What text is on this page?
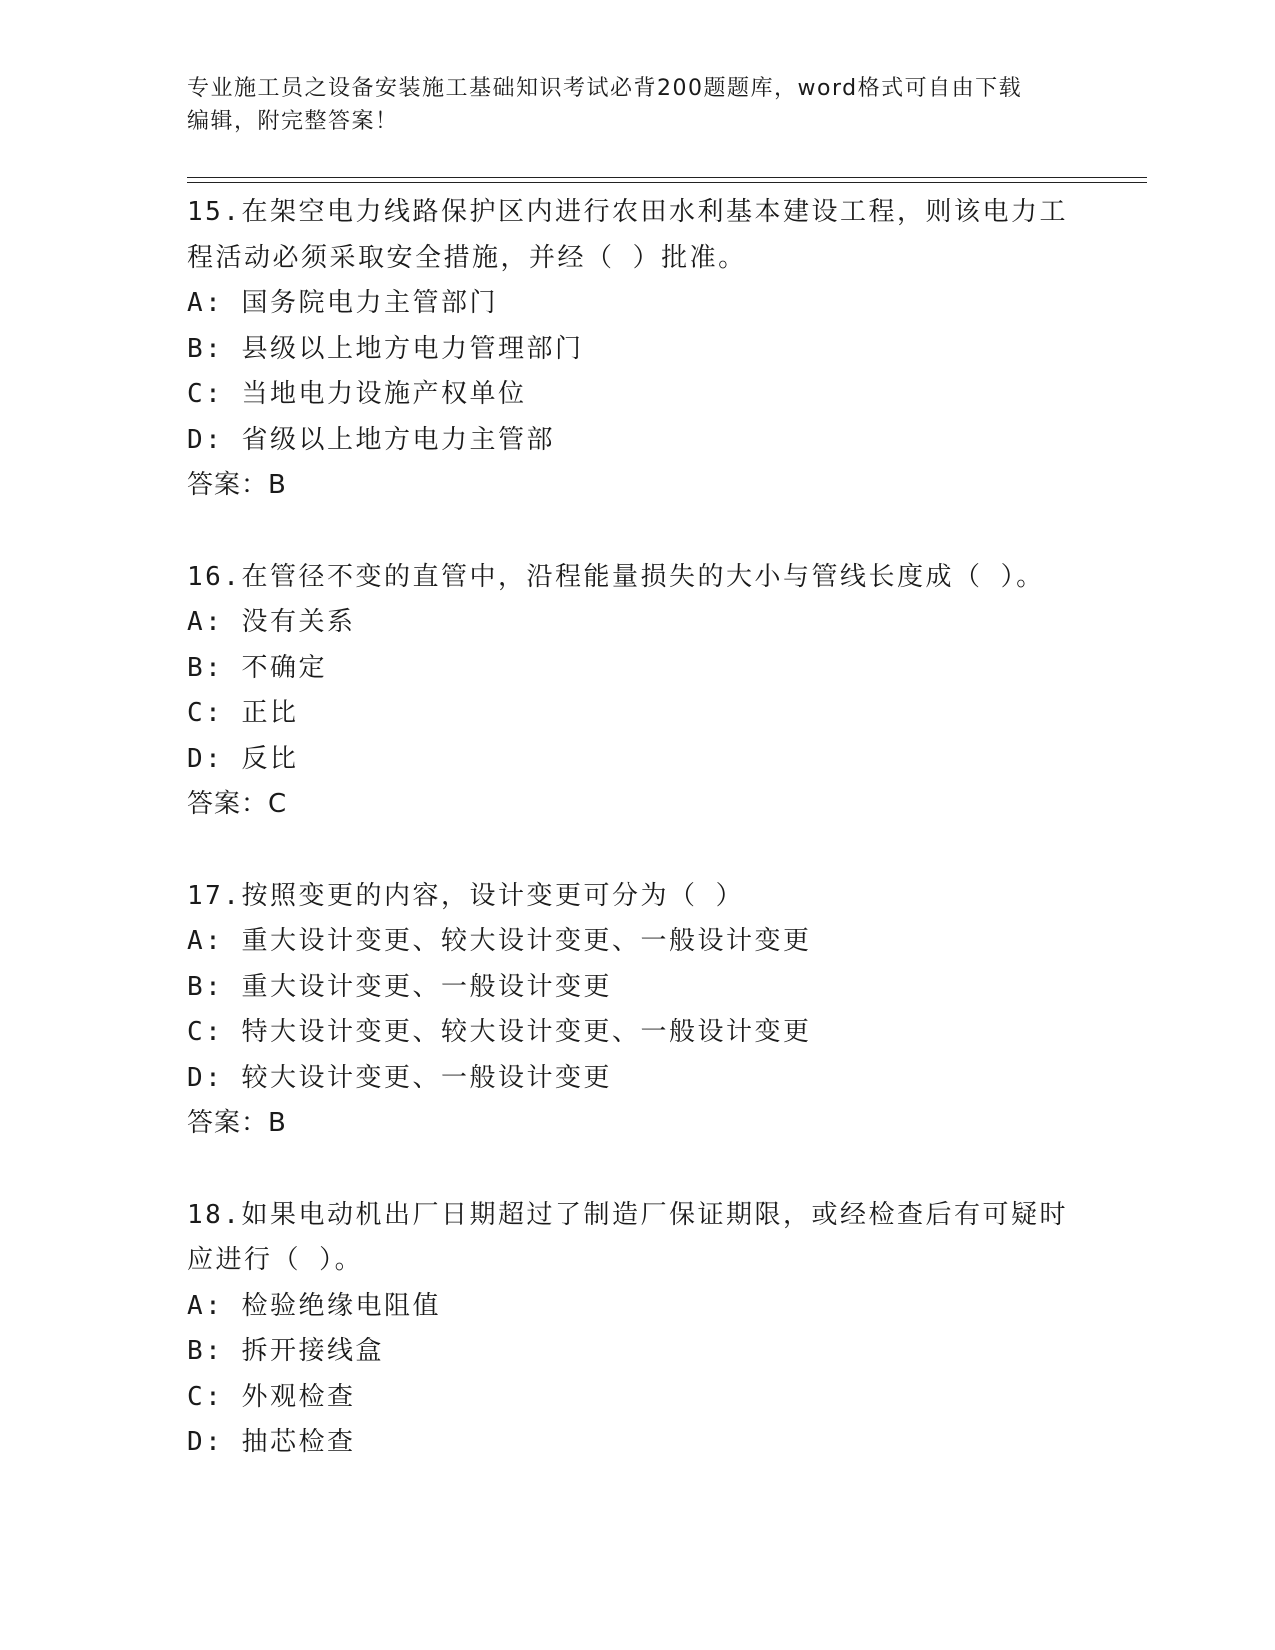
专业施工员之设备安装施工基础知识考试必背200题题库，word格式可自由下载
编辑，附完整答案！
15.在架空电力线路保护区内进行农田水利基本建设工程，则该电力工
程活动必须采取安全措施，并经（ ）批准。
A: 国务院电力主管部门
B: 县级以上地方电力管理部门
C: 当地电力设施产权单位
D: 省级以上地方电力主管部
答案：B
16.在管径不变的直管中，沿程能量损失的大小与管线长度成（ ）。
A: 没有关系
B: 不确定
C: 正比
D: 反比
答案：C
17.按照变更的内容，设计变更可分为（ ）
A: 重大设计变更、较大设计变更、一般设计变更
B: 重大设计变更、一般设计变更
C: 特大设计变更、较大设计变更、一般设计变更
D: 较大设计变更、一般设计变更
答案：B
18.如果电动机出厂日期超过了制造厂保证期限，或经检查后有可疑时
应进行（ ）。
A: 检验绝缘电阻值
B: 拆开接线盒
C: 外观检查
D: 抽芯检查
